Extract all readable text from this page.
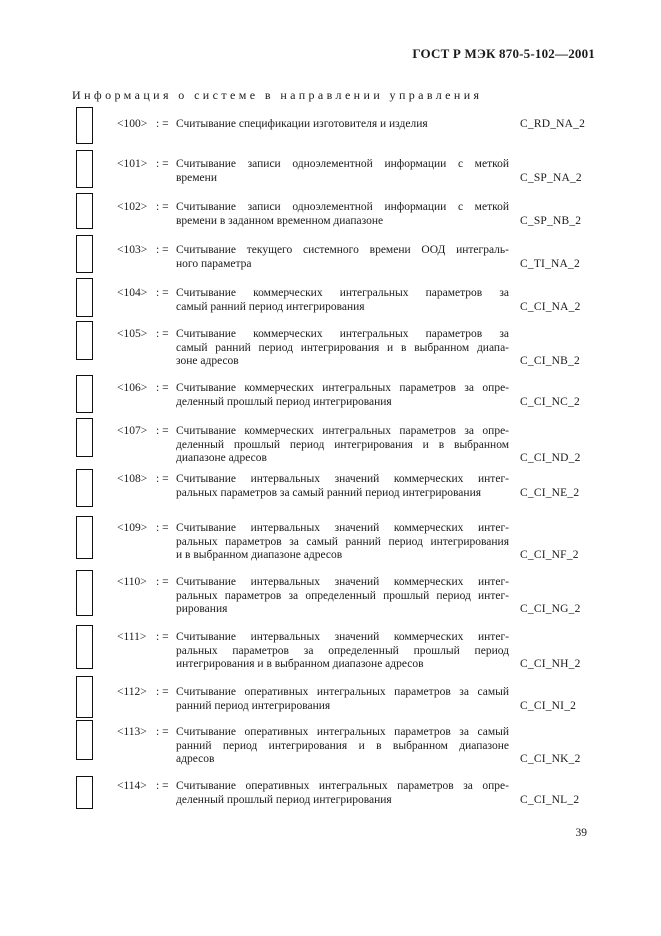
ГОСТ Р МЭК 870-5-102—2001
Информация о системе в направлении управления
<100> : = Считывание спецификации изготовителя и изделия	C_RD_NA_2
<101> : = Считывание записи одноэлементной информации с меткой
времени	C_SP_NA_2
<102> : = Считывание записи одноэлементной информации с меткой
времени в заданном временном диапазоне	C_SP_NB_2
<103> : = Считывание текущего системного времени ООД интеграль-
ного параметра	C_TI_NA_2
<104> : = Считывание коммерческих интегральных параметров за
самый ранний период интегрирования	C_CI_NA_2
<105> : = Считывание коммерческих интегральных параметров за
самый ранний период интегрирования и в выбранном диапа-
зоне адресов	C_CI_NB_2
<106> : = Считывание коммерческих интегральных параметров за опре-
деленный прошлый период интегрирования	C_CI_NC_2
<107> : = Считывание коммерческих интегральных параметров за опре-
деленный прошлый период интегрирования и в выбранном
диапазоне адресов	C_CI_ND_2
<108> : = Считывание интервальных значений коммерческих интег-
ральных параметров за самый ранний период интегрирования	C_CI_NE_2
<109> : = Считывание интервальных значений коммерческих интег-
ральных параметров за самый ранний период интегрирования
и в выбранном диапазоне адресов	C_CI_NF_2
<110> : = Считывание интервальных значений коммерческих интег-
ральных параметров за определенный прошлый период интег-
рирования	C_CI_NG_2
<111> : = Считывание интервальных значений коммерческих интег-
ральных параметров за определенный прошлый период
интегрирования и в выбранном диапазоне адресов	C_CI_NH_2
<112> : = Считывание оперативных интегральных параметров за самый
ранний период интегрирования	C_CI_NI_2
<113> : = Считывание оперативных интегральных параметров за самый
ранний период интегрирования и в выбранном диапазоне
адресов	C_CI_NK_2
<114> : = Считывание оперативных интегральных параметров за опре-
деленный прошлый период интегрирования	C_CI_NL_2
39
